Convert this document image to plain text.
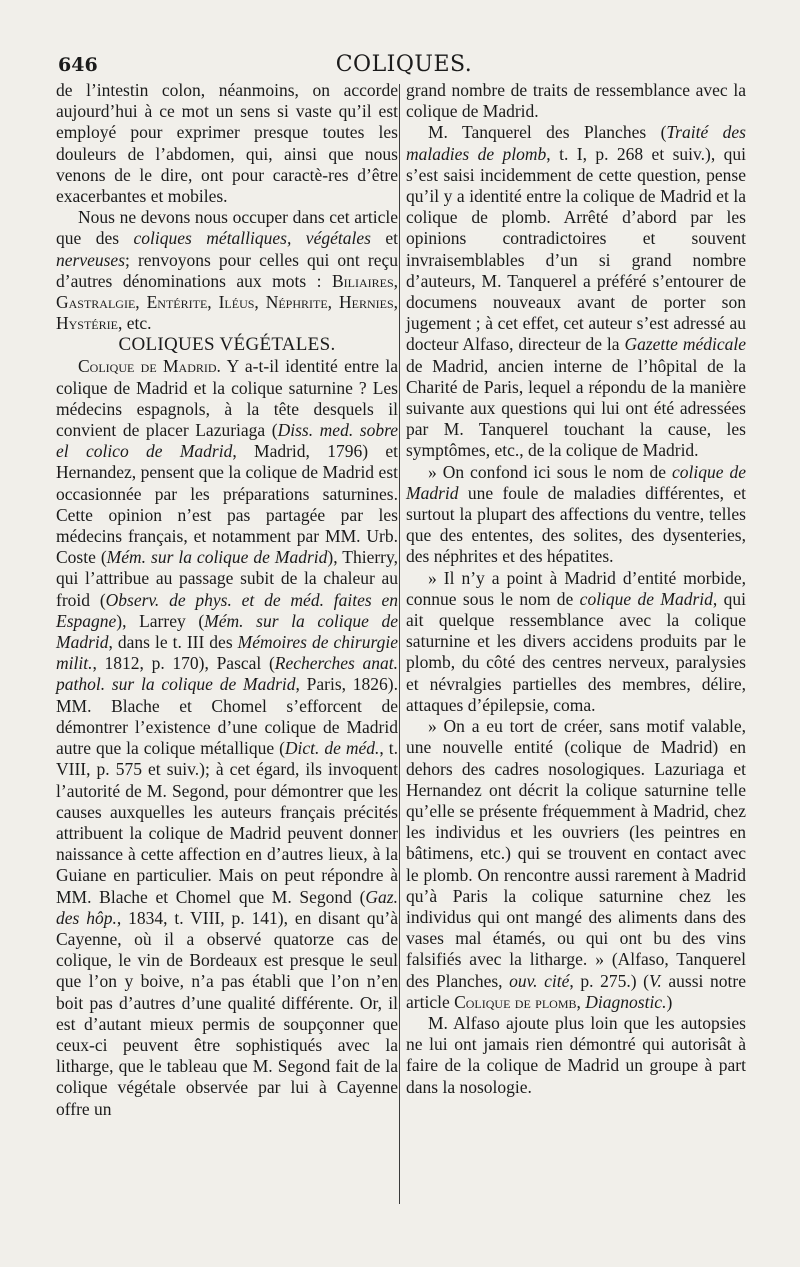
646	COLIQUES.

de l’intestin colon, néanmoins, on accorde aujourd’hui à ce mot un sens si vaste qu’il est employé pour exprimer presque toutes les douleurs de l’abdomen, qui, ainsi que nous venons de le dire, ont pour caractè-res d’être exacerbantes et mobiles.

Nous ne devons nous occuper dans cet article que des coliques métalliques, végétales et nerveuses; renvoyons pour celles qui ont reçu d’autres dénominations aux mots : Biliaires, Gastralgie, Entérite, Iléus, Néphrite, Hernies, Hystérie, etc.

COLIQUES VÉGÉTALES.

Colique de Madrid. Y a-t-il identité entre la colique de Madrid et la colique saturnine ? Les médecins espagnols, à la tête desquels il convient de placer Lazuriaga (Diss. med. sobre el colico de Madrid, Madrid, 1796) et Hernandez, pensent que la colique de Madrid est occasionnée par les préparations saturnines. Cette opinion n’est pas partagée par les médecins français, et notamment par MM. Urb. Coste (Mém. sur la colique de Madrid), Thierry, qui l’attribue au passage subit de la chaleur au froid (Observ. de phys. et de méd. faites en Espagne), Larrey (Mém. sur la colique de Madrid, dans le t. III des Mémoires de chirurgie milit., 1812, p. 170), Pascal (Recherches anat. pathol. sur la colique de Madrid, Paris, 1826). MM. Blache et Chomel s’efforcent de démontrer l’existence d’une colique de Madrid autre que la colique métallique (Dict. de méd., t. VIII, p. 575 et suiv.); à cet égard, ils invoquent l’autorité de M. Segond, pour démontrer que les causes auxquelles les auteurs français précités attribuent la colique de Madrid peuvent donner naissance à cette affection en d’autres lieux, à la Guiane en particulier. Mais on peut répondre à MM. Blache et Chomel que M. Segond (Gaz. des hôp., 1834, t. VIII, p. 141), en disant qu’à Cayenne, où il a observé quatorze cas de colique, le vin de Bordeaux est presque le seul que l’on y boive, n’a pas établi que l’on n’en boit pas d’autres d’une qualité différente. Or, il est d’autant mieux permis de soupçonner que ceux-ci peuvent être sophistiqués avec la litharge, que le tableau que M. Segond fait de la colique végétale observée par lui à Cayenne offre un

grand nombre de traits de ressemblance avec la colique de Madrid.

M. Tanquerel des Planches (Traité des maladies de plomb, t. I, p. 268 et suiv.), qui s’est saisi incidemment de cette question, pense qu’il y a identité entre la colique de Madrid et la colique de plomb. Arrêté d’abord par les opinions contradictoires et souvent invraisemblables d’un si grand nombre d’auteurs, M. Tanquerel a préféré s’entourer de documens nouveaux avant de porter son jugement ; à cet effet, cet auteur s’est adressé au docteur Alfaso, directeur de la Gazette médicale de Madrid, ancien interne de l’hôpital de la Charité de Paris, lequel a répondu de la manière suivante aux questions qui lui ont été adressées par M. Tanquerel touchant la cause, les symptômes, etc., de la colique de Madrid.

» On confond ici sous le nom de colique de Madrid une foule de maladies différentes, et surtout la plupart des affections du ventre, telles que des ententes, des solites, des dysenteries, des néphrites et des hépatites.

» Il n’y a point à Madrid d’entité morbide, connue sous le nom de colique de Madrid, qui ait quelque ressemblance avec la colique saturnine et les divers accidens produits par le plomb, du côté des centres nerveux, paralysies et névralgies partielles des membres, délire, attaques d’épilepsie, coma.

» On a eu tort de créer, sans motif valable, une nouvelle entité (colique de Madrid) en dehors des cadres nosologiques. Lazuriaga et Hernandez ont décrit la colique saturnine telle qu’elle se présente fréquemment à Madrid, chez les individus et les ouvriers (les peintres en bâtimens, etc.) qui se trouvent en contact avec le plomb. On rencontre aussi rarement à Madrid qu’à Paris la colique saturnine chez les individus qui ont mangé des aliments dans des vases mal étamés, ou qui ont bu des vins falsifiés avec la litharge. » (Alfaso, Tanquerel des Planches, ouv. cité, p. 275.) (V. aussi notre article Colique de plomb, Diagnostic.)

M. Alfaso ajoute plus loin que les autopsies ne lui ont jamais rien démontré qui autorisât à faire de la colique de Madrid un groupe à part dans la nosologie.
